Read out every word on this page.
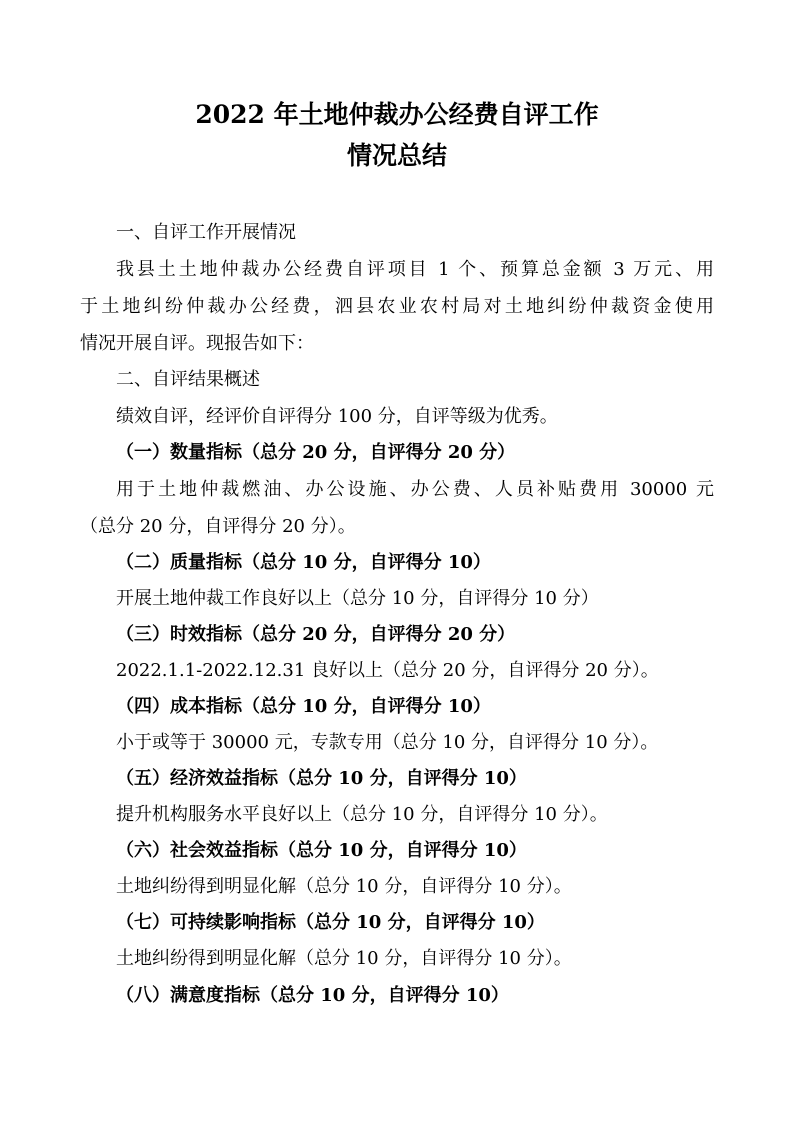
2022 年土地仲裁办公经费自评工作
情况总结
一、自评工作开展情况
我县土土地仲裁办公经费自评项目 1 个、预算总金额 3 万元、用
于土地纠纷仲裁办公经费，泗县农业农村局对土地纠纷仲裁资金使用
情况开展自评。现报告如下：
二、自评结果概述
绩效自评，经评价自评得分 100 分，自评等级为优秀。
（一）数量指标（总分 20 分，自评得分 20 分）
用于土地仲裁燃油、办公设施、办公费、人员补贴费用 30000 元
（总分 20 分，自评得分 20 分）。
（二）质量指标（总分 10 分，自评得分 10）
开展土地仲裁工作良好以上（总分 10 分，自评得分 10 分）
（三）时效指标（总分 20 分，自评得分 20 分）
2022.1.1-2022.12.31 良好以上（总分 20 分，自评得分 20 分）。
（四）成本指标（总分 10 分，自评得分 10）
小于或等于 30000 元，专款专用（总分 10 分，自评得分 10 分）。
（五）经济效益指标（总分 10 分，自评得分 10）
提升机构服务水平良好以上（总分 10 分，自评得分 10 分）。
（六）社会效益指标（总分 10 分，自评得分 10）
土地纠纷得到明显化解（总分 10 分，自评得分 10 分）。
（七）可持续影响指标（总分 10 分，自评得分 10）
土地纠纷得到明显化解（总分 10 分，自评得分 10 分）。
（八）满意度指标（总分 10 分，自评得分 10）
